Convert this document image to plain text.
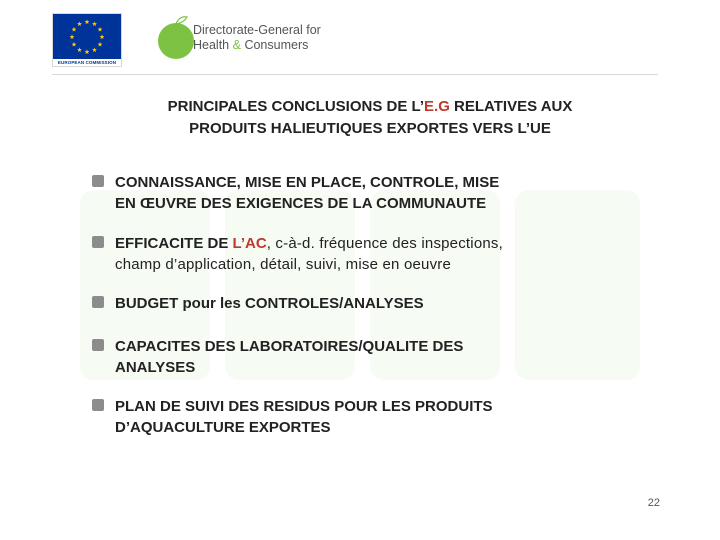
EUROPEAN COMMISSION
Directorate-General for
Health & Consumers
PRINCIPALES CONCLUSIONS DE L’E.G RELATIVES AUX
PRODUITS HALIEUTIQUES EXPORTES VERS L’UE
CONNAISSANCE, MISE EN PLACE, CONTROLE, MISE
EN ŒUVRE DES EXIGENCES DE LA COMMUNAUTE
EFFICACITE DE L’AC, c-à-d. fréquence des inspections,
champ d’application, détail, suivi, mise en oeuvre
BUDGET pour les CONTROLES/ANALYSES
CAPACITES DES LABORATOIRES/QUALITE DES
ANALYSES
PLAN DE SUIVI DES RESIDUS POUR LES PRODUITS
D’AQUACULTURE EXPORTES
22
